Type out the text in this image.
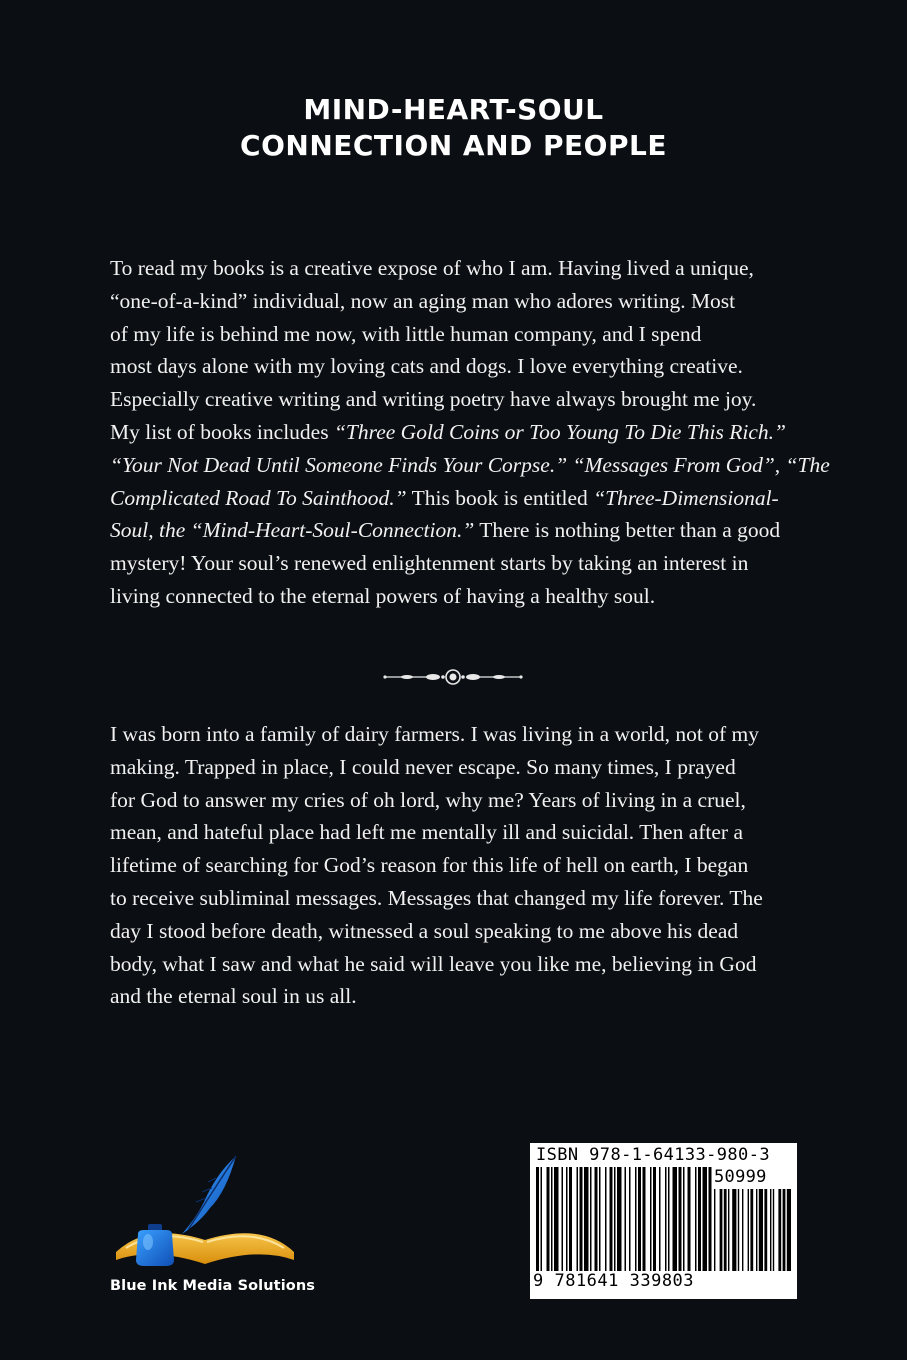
MIND-HEART-SOUL
CONNECTION AND PEOPLE
To read my books is a creative expose of who I am. Having lived a unique,
“one-of-a-kind” individual, now an aging man who adores writing. Most
of my life is behind me now, with little human company, and I spend
most days alone with my loving cats and dogs. I love everything creative.
Especially creative writing and writing poetry have always brought me joy.
My list of books includes “Three Gold Coins or Too Young To Die This Rich.”
“Your Not Dead Until Someone Finds Your Corpse.” “Messages From God”, “The
Complicated Road To Sainthood.” This book is entitled “Three-Dimensional-
Soul, the “Mind-Heart-Soul-Connection.” There is nothing better than a good
mystery! Your soul’s renewed enlightenment starts by taking an interest in
living connected to the eternal powers of having a healthy soul.
I was born into a family of dairy farmers. I was living in a world, not of my
making. Trapped in place, I could never escape. So many times, I prayed
for God to answer my cries of oh lord, why me? Years of living in a cruel,
mean, and hateful place had left me mentally ill and suicidal. Then after a
lifetime of searching for God’s reason for this life of hell on earth, I began
to receive subliminal messages. Messages that changed my life forever. The
day I stood before death, witnessed a soul speaking to me above his dead
body, what I saw and what he said will leave you like me, believing in God
and the eternal soul in us all.
Blue Ink Media Solutions
ISBN 978-1-64133-980-3
50999
9 781641 339803
